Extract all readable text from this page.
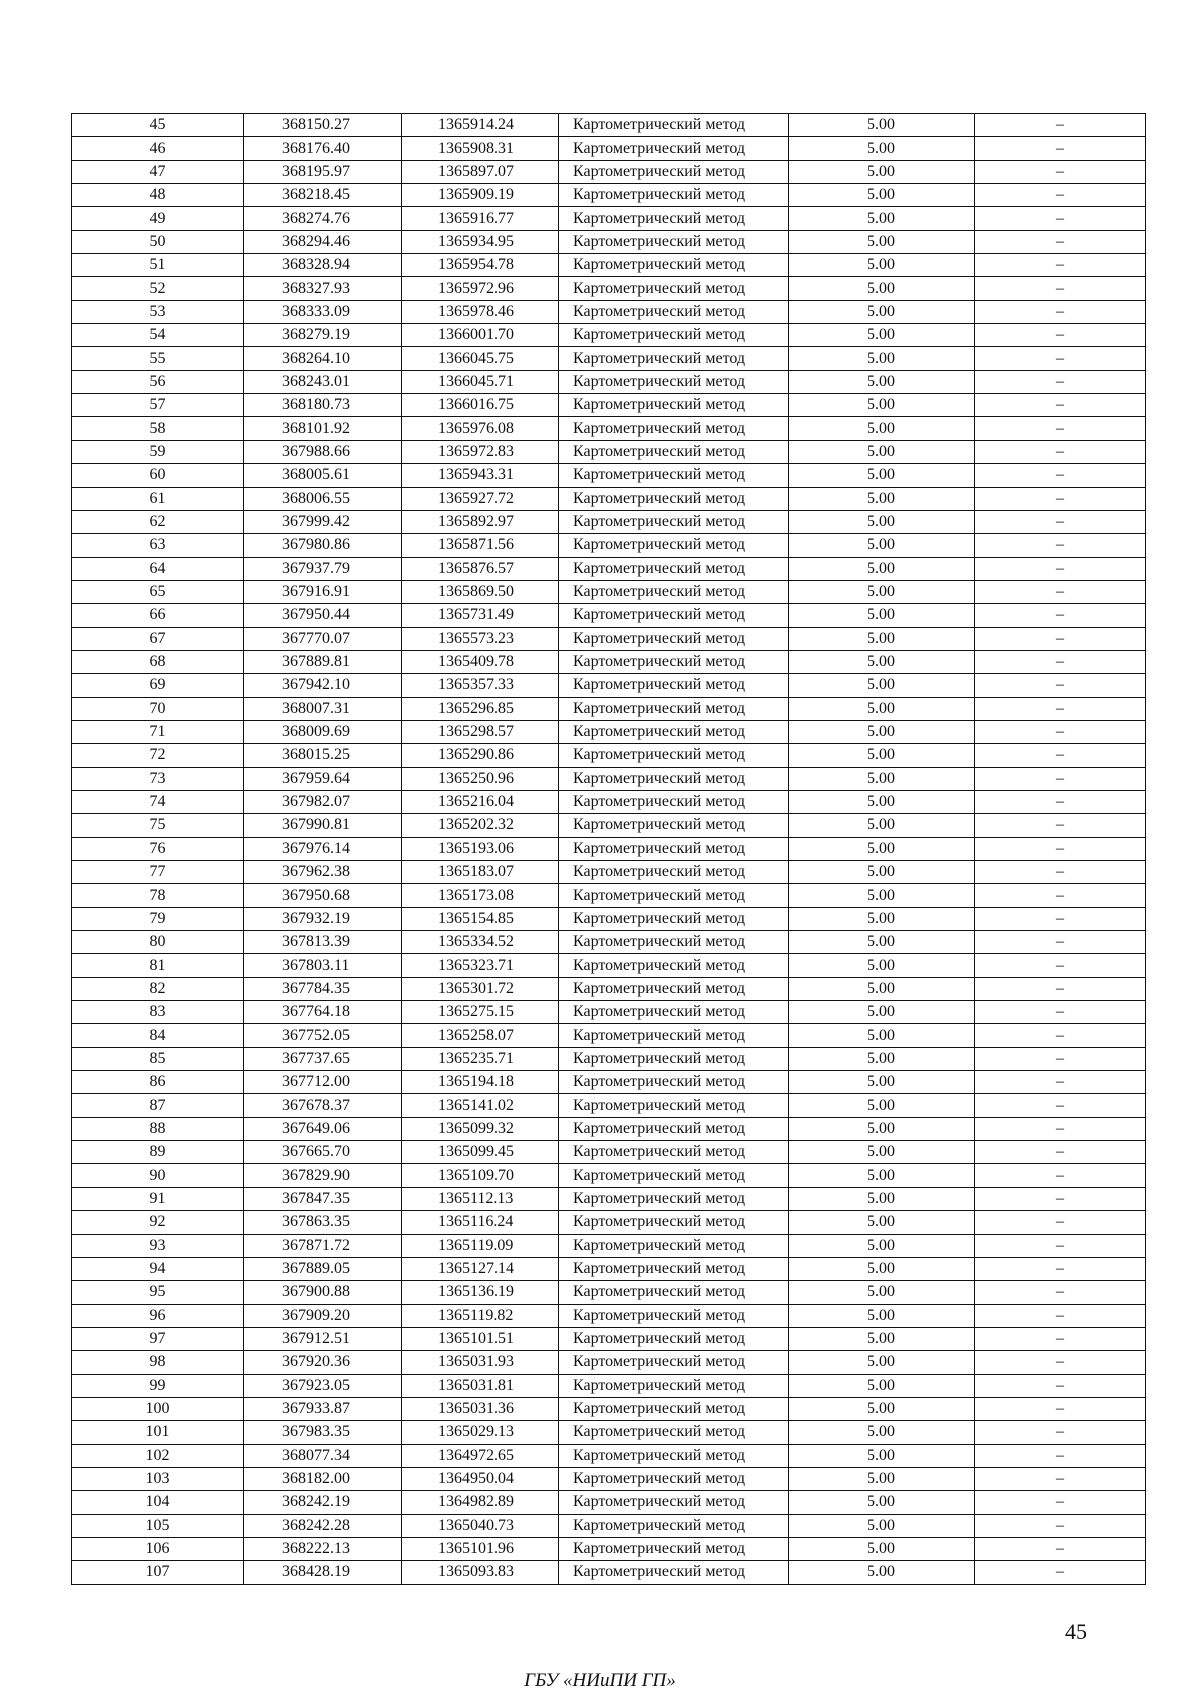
45	368150.27	1365914.24	Картометрический метод	5.00	–
46	368176.40	1365908.31	Картометрический метод	5.00	–
47	368195.97	1365897.07	Картометрический метод	5.00	–
48	368218.45	1365909.19	Картометрический метод	5.00	–
49	368274.76	1365916.77	Картометрический метод	5.00	–
50	368294.46	1365934.95	Картометрический метод	5.00	–
51	368328.94	1365954.78	Картометрический метод	5.00	–
52	368327.93	1365972.96	Картометрический метод	5.00	–
53	368333.09	1365978.46	Картометрический метод	5.00	–
54	368279.19	1366001.70	Картометрический метод	5.00	–
55	368264.10	1366045.75	Картометрический метод	5.00	–
56	368243.01	1366045.71	Картометрический метод	5.00	–
57	368180.73	1366016.75	Картометрический метод	5.00	–
58	368101.92	1365976.08	Картометрический метод	5.00	–
59	367988.66	1365972.83	Картометрический метод	5.00	–
60	368005.61	1365943.31	Картометрический метод	5.00	–
61	368006.55	1365927.72	Картометрический метод	5.00	–
62	367999.42	1365892.97	Картометрический метод	5.00	–
63	367980.86	1365871.56	Картометрический метод	5.00	–
64	367937.79	1365876.57	Картометрический метод	5.00	–
65	367916.91	1365869.50	Картометрический метод	5.00	–
66	367950.44	1365731.49	Картометрический метод	5.00	–
67	367770.07	1365573.23	Картометрический метод	5.00	–
68	367889.81	1365409.78	Картометрический метод	5.00	–
69	367942.10	1365357.33	Картометрический метод	5.00	–
70	368007.31	1365296.85	Картометрический метод	5.00	–
71	368009.69	1365298.57	Картометрический метод	5.00	–
72	368015.25	1365290.86	Картометрический метод	5.00	–
73	367959.64	1365250.96	Картометрический метод	5.00	–
74	367982.07	1365216.04	Картометрический метод	5.00	–
75	367990.81	1365202.32	Картометрический метод	5.00	–
76	367976.14	1365193.06	Картометрический метод	5.00	–
77	367962.38	1365183.07	Картометрический метод	5.00	–
78	367950.68	1365173.08	Картометрический метод	5.00	–
79	367932.19	1365154.85	Картометрический метод	5.00	–
80	367813.39	1365334.52	Картометрический метод	5.00	–
81	367803.11	1365323.71	Картометрический метод	5.00	–
82	367784.35	1365301.72	Картометрический метод	5.00	–
83	367764.18	1365275.15	Картометрический метод	5.00	–
84	367752.05	1365258.07	Картометрический метод	5.00	–
85	367737.65	1365235.71	Картометрический метод	5.00	–
86	367712.00	1365194.18	Картометрический метод	5.00	–
87	367678.37	1365141.02	Картометрический метод	5.00	–
88	367649.06	1365099.32	Картометрический метод	5.00	–
89	367665.70	1365099.45	Картометрический метод	5.00	–
90	367829.90	1365109.70	Картометрический метод	5.00	–
91	367847.35	1365112.13	Картометрический метод	5.00	–
92	367863.35	1365116.24	Картометрический метод	5.00	–
93	367871.72	1365119.09	Картометрический метод	5.00	–
94	367889.05	1365127.14	Картометрический метод	5.00	–
95	367900.88	1365136.19	Картометрический метод	5.00	–
96	367909.20	1365119.82	Картометрический метод	5.00	–
97	367912.51	1365101.51	Картометрический метод	5.00	–
98	367920.36	1365031.93	Картометрический метод	5.00	–
99	367923.05	1365031.81	Картометрический метод	5.00	–
100	367933.87	1365031.36	Картометрический метод	5.00	–
101	367983.35	1365029.13	Картометрический метод	5.00	–
102	368077.34	1364972.65	Картометрический метод	5.00	–
103	368182.00	1364950.04	Картометрический метод	5.00	–
104	368242.19	1364982.89	Картометрический метод	5.00	–
105	368242.28	1365040.73	Картометрический метод	5.00	–
106	368222.13	1365101.96	Картометрический метод	5.00	–
107	368428.19	1365093.83	Картометрический метод	5.00	–
45
ГБУ «НИиПИ ГП»
